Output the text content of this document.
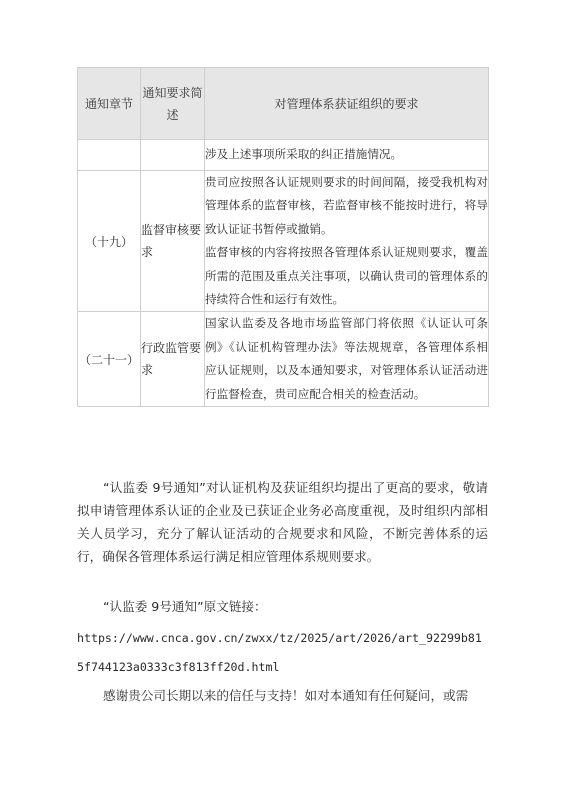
通知章节	通知要求简述	对管理体系获证组织的要求

		涉及上述事项所采取的纠正措施情况。

（十九）	监督审核要求	贵司应按照各认证规则要求的时间间隔，接受我机构对管理体系的监督审核，若监督审核不能按时进行，将导致认证证书暂停或撤销。

监督审核的内容将按照各管理体系认证规则要求，覆盖所需的范围及重点关注事项，以确认贵司的管理体系的持续符合性和运行有效性。

（二十一）	行政监管要求	国家认监委及各地市场监管部门将依照《认证认可条例》《认证机构管理办法》等法规规章，各管理体系相应认证规则，以及本通知要求，对管理体系认证活动进行监督检查，贵司应配合相关的检查活动。

“认监委 9号通知”对认证机构及获证组织均提出了更高的要求，敬请拟申请管理体系认证的企业及已获证企业务必高度重视，及时组织内部相关人员学习，充分了解认证活动的合规要求和风险，不断完善体系的运行，确保各管理体系运行满足相应管理体系规则要求。

“认监委 9号通知”原文链接：

https://www.cnca.gov.cn/zwxx/tz/2025/art/2026/art_92299b815f744123a0333c3f813ff20d.html

感谢贵公司长期以来的信任与支持！如对本通知有任何疑问，或需
